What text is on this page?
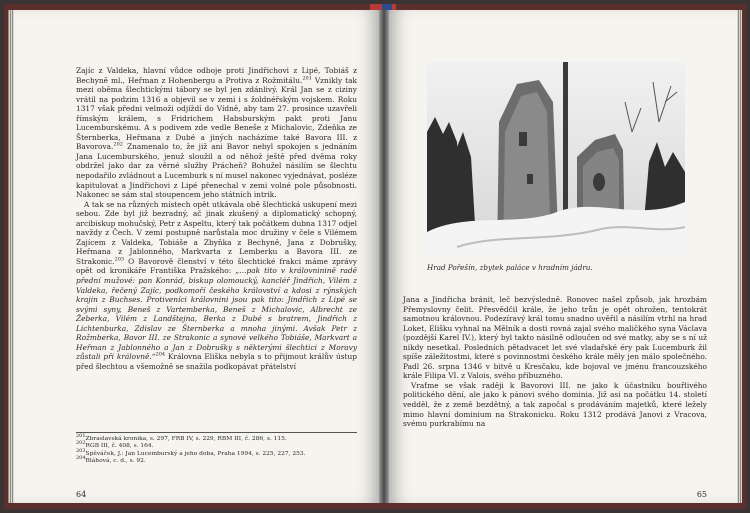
Zajíc z Valdeka, hlavní vůdce odboje proti Jindřichovi z Lipé, Tobiáš z Bechyně ml., Heřman z Hohenbergu a Protiva z Rožmitálu.$^{201}$ Vznikly tak mezi oběma šlechtickými tábory se byl jen zdánlivý. Král Jan se z ciziny vrátil na podzim 1316 a objevil se v zemi i s žoldnéřským vojskem. Roku 1317 však předni velmoži odjíždí do Vídně, aby tam 27. prosince uzavřeli římským králem, s Fridrichem Habsburským pakt proti Janu Lucemburskému. A s podivem zde vedle Beneše z Michalovic, Zdeňka ze Šternberka, Heřmana z Dubé a jiných nacházíme také Bavora III. z Bavorova.$^{202}$ Znamenalo to, že již ani Bavor nebyl spokojen s jednáním Jana Lucemburského, jenuž sloužil a od něhož ještě před dvěma roky obdržel jako dar za věrné služby Prácheň? Bohužel násilím se šlechtu nepodařilo zvládnout a Lucemburk s ní musel nakonec vyjednávat, posléze kapitulovat a Jindřichovi z Lipé přenechal v zemi volné pole působnosti. Nakonec se sám stal stoupencem jeho státních intrik.

A tak se na různých místech opět utkávala obě šlechtická uskupení mezi sebou. Zde byl již bezradný, ač jinak zkušený a diplomatický schopný, arcibiskup mohučský, Petr z Aspeltu, který tak počátkem dubna 1317 odjel navždy z Čech. V zemi postupně narůstala moc družiny v čele s Vilémem Zajícem z Valdeka, Tobiáše a Zbyňka z Bechyně, Jana z Dobrušky, Heřmana z Jablonného, Markvarta z Lemberku a Bavora III. ze Strakonic.$^{203}$ O Bavorově členství v této šlechtické frakci máme zprávy opět od kronikáře Františka Pražského: „…pak tito v královninině radě přední mužové: pan Konrád, biskup olomoucký, kancléř Jindřich, Vilém z Valdeka, řečený Zajíc, podkomoří českého království a kdosi z rýnských krajin z Buchses. Protiveníci královnini jsou pak tito: Jindřich z Lipé se svými syny, Beneš z Vartemberka, Beneš z Michalovic, Albrecht ze Žeberka, Vilém z Landštejna, Berka z Dubé s bratrem, Jindřich z Lichtenburka, Zdislav ze Šternberka a mnoha jinými. Avšak Petr z Rožmberka, Bavor III. ze Strakonic a synové velkého Tobiáše, Markvart a Heřman z Jablonného a Jan z Dobrušky s některými šlechtici z Moravy zůstali při královně.“$^{204}$ Královna Eliška nebyla s to přijmout králův ústup před šlechtou a všemožně se snažila podkopávat přátelství

$^{201}$Zbraslavská kronika, s. 297, FRB IV, s. 229, RBM III, č. 286, s. 115.
$^{202}$RGB III, č. 408, s. 164.
$^{203}$Spěváček, J.: Jan Lucemburský a jeho doba, Praha 1994, s. 225, 227, 253.
$^{204}$Bláhová, c. d., s. 92.
64
Hrad Pořešín, zbytek paláce v hradním jádru.

Jana a Jindřicha bránit, leč bezvýsledně. Ronovec našel způsob, jak hrozbám Přemyslovny čelit. Přesvědčil krále, že jeho trůn je opět ohrožen, tentokrát samotnou královnou. Podezíravý král tomu snadno uvěřil a násilím vtrhl na hrad Loket, Elišku vyhnal na Mělník a dosti rovná zajal svého maličkého syna Václava (pozdější Karel IV.), který byl takto násilně odloučen od své matky, aby se s ní už nikdy nesetkal. Posledních pětadvacet let své vladařské éry pak Lucemburk žil spíše záležitostmi, které s povinnostmi českého krále měly jen málo společného. Padl 26. srpna 1346 v bitvě u Kresčaku, kde bojoval ve jménu francouzského krále Filipa VI. z Valois, svého příbuzného.

Vraťme se však raději k Bavorovi III. ne jako k účastníku bouřlivého politického dění, ale jako k pánovi svého dominia. Již asi na počátku 14. století vedděl, že z země bezdětný, a tak započal s prodáváním majetků, které ležely mimo hlavní dominium na Strakonicku. Roku 1312 prodává Janovi z Vracova, svému purkrabímu na

65
